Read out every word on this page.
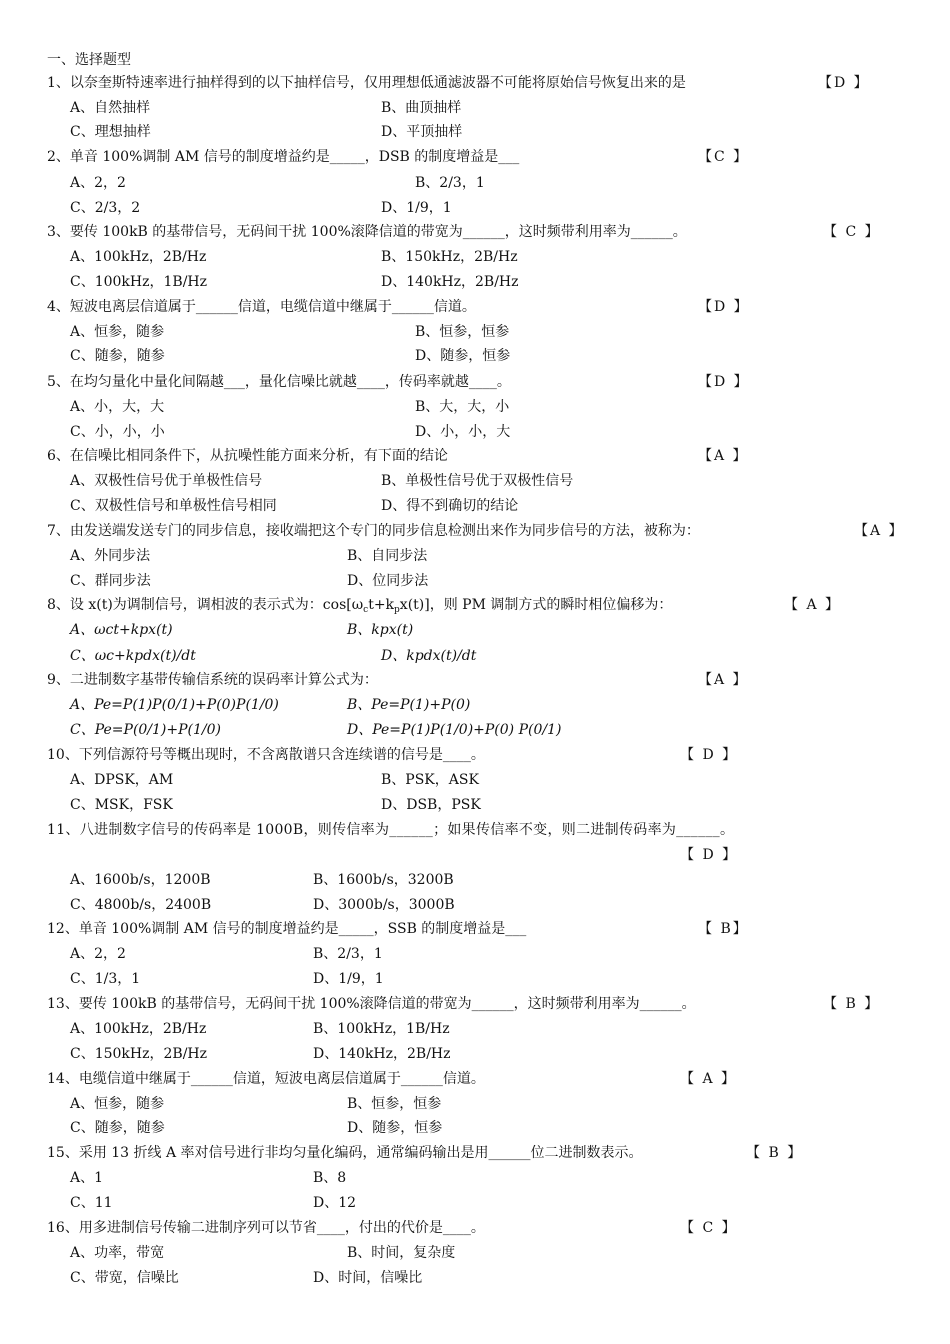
一、选择题型
1、以奈奎斯特速率进行抽样得到的以下抽样信号，仅用理想低通滤波器不可能将原始信号恢复出来的是	【D 】
A、自然抽样	B、曲顶抽样
C、理想抽样	D、平顶抽样
2、单音 100%调制 AM 信号的制度增益约是_____，DSB 的制度增益是___	【C 】
A、2，2	B、2/3，1
C、2/3，2	D、1/9，1
3、要传 100kB 的基带信号，无码间干扰 100%滚降信道的带宽为______，这时频带利用率为______。	【 C 】
A、100kHz，2B/Hz	B、150kHz，2B/Hz
C、100kHz，1B/Hz	D、140kHz，2B/Hz
4、短波电离层信道属于______信道，电缆信道中继属于______信道。	【D 】
A、恒参，随参	B、恒参，恒参
C、随参，随参	D、随参，恒参
5、在均匀量化中量化间隔越___，量化信噪比就越____，传码率就越____。	【D 】
A、小，大，大	B、大，大，小
C、小，小，小	D、小，小，大
6、在信噪比相同条件下，从抗噪性能方面来分析，有下面的结论	【A 】
A、双极性信号优于单极性信号	B、单极性信号优于双极性信号
C、双极性信号和单极性信号相同	D、得不到确切的结论
7、由发送端发送专门的同步信息，接收端把这个专门的同步信息检测出来作为同步信号的方法，被称为：	【A 】
A、外同步法	B、自同步法
C、群同步法	D、位同步法
8、设 x(t)为调制信号，调相波的表示式为：$\cos[\omega_ct+k_px(t)]$，则 PM 调制方式的瞬时相位偏移为：	【 A 】
A、ωct+kpx(t)	B、kpx(t)
C、ωc+kpdx(t)/dt	D、kpdx(t)/dt
9、二进制数字基带传输信系统的误码率计算公式为：	【A 】
A、Pe=P(1)P(0/1)+P(0)P(1/0)	B、Pe=P(1)+P(0)
C、Pe=P(0/1)+P(1/0)	D、Pe=P(1)P(1/0)+P(0) P(0/1)
10、下列信源符号等概出现时，不含离散谱只含连续谱的信号是____。	【 D 】
A、DPSK，AM	B、PSK，ASK
C、MSK，FSK	D、DSB，PSK
11、八进制数字信号的传码率是 1000B，则传信率为______；如果传信率不变，则二进制传码率为______。
【 D 】
A、1600b/s，1200B	B、1600b/s，3200B
C、4800b/s，2400B	D、3000b/s，3000B
12、单音 100%调制 AM 信号的制度增益约是_____，SSB 的制度增益是___	【 B】
A、2，2	B、2/3，1
C、1/3，1	D、1/9，1
13、要传 100kB 的基带信号，无码间干扰 100%滚降信道的带宽为______，这时频带利用率为______。	【 B 】
A、100kHz，2B/Hz	B、100kHz，1B/Hz
C、150kHz，2B/Hz	D、140kHz，2B/Hz
14、电缆信道中继属于______信道，短波电离层信道属于______信道。	【 A 】
A、恒参，随参	B、恒参，恒参
C、随参，随参	D、随参，恒参
15、采用 13 折线 A 率对信号进行非均匀量化编码，通常编码输出是用______位二进制数表示。	【 B 】
A、1	B、8
C、11	D、12
16、用多进制信号传输二进制序列可以节省____，付出的代价是____。	【 C 】
A、功率，带宽	B、时间，复杂度
C、带宽，信噪比	D、时间，信噪比
